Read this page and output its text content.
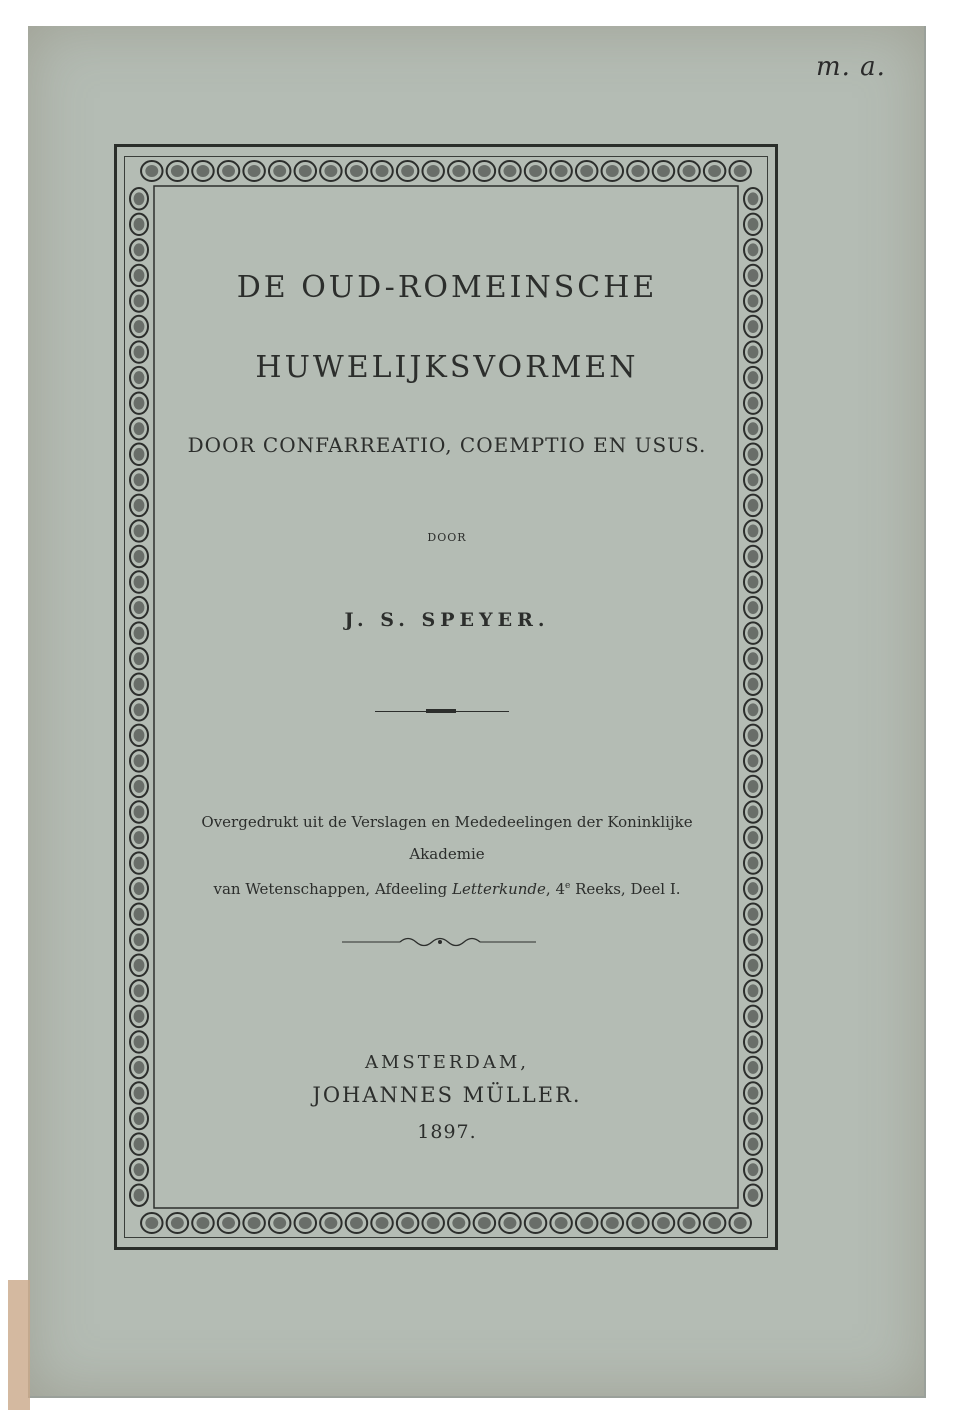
m. a.
DE OUD-ROMEINSCHE
HUWELIJKSVORMEN
DOOR CONFARREATIO, COEMPTIO EN USUS.
DOOR
J. S. SPEYER.
Overgedrukt uit de Verslagen en Mededeelingen der Koninklijke Akademie
van Wetenschappen, Afdeeling Letterkunde, 4e Reeks, Deel I.
AMSTERDAM,
JOHANNES MÜLLER.
1897.
